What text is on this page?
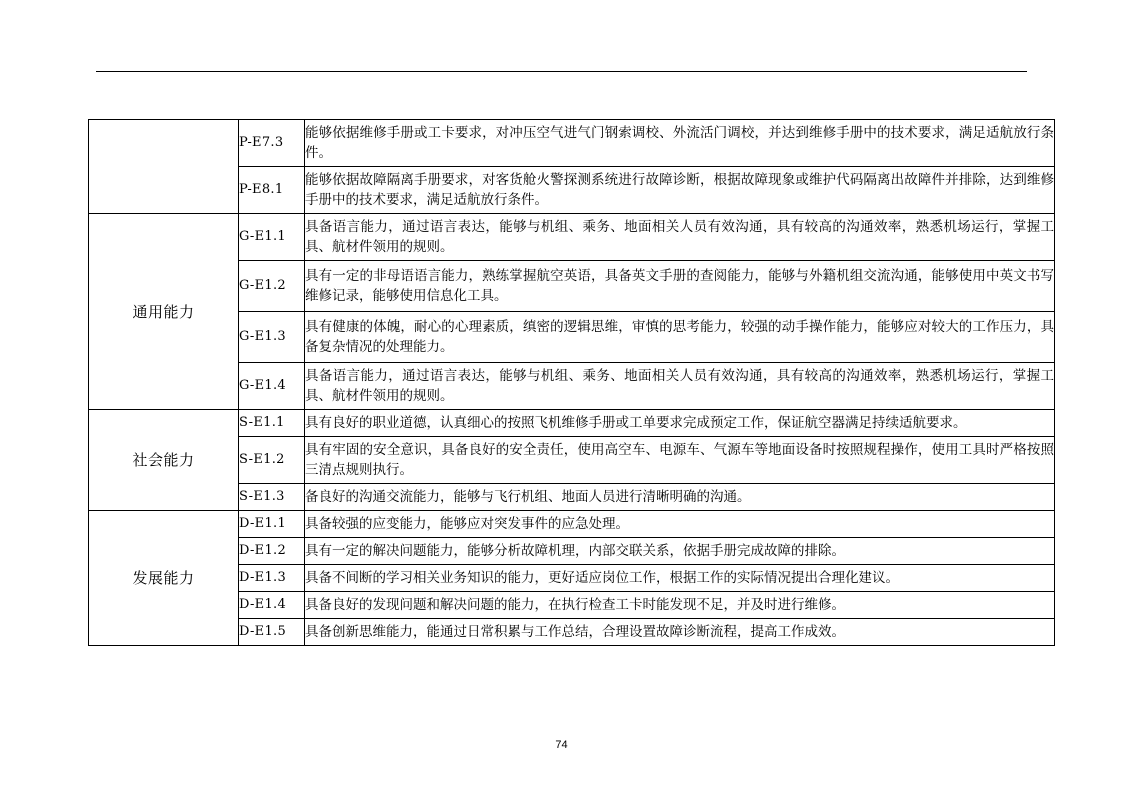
	P-E7.3	能够依据维修手册或工卡要求，对冲压空气进气门钢索调校、外流活门调校，并达到维修手册中的技术要求，满足适航放行条件。
	P-E8.1	能够依据故障隔离手册要求，对客货舱火警探测系统进行故障诊断，根据故障现象或维护代码隔离出故障件并排除，达到维修手册中的技术要求，满足适航放行条件。
通用能力	G-E1.1	具备语言能力，通过语言表达，能够与机组、乘务、地面相关人员有效沟通，具有较高的沟通效率，熟悉机场运行，掌握工具、航材件领用的规则。
	G-E1.2	具有一定的非母语语言能力，熟练掌握航空英语，具备英文手册的查阅能力，能够与外籍机组交流沟通，能够使用中英文书写维修记录，能够使用信息化工具。
	G-E1.3	具有健康的体魄，耐心的心理素质，缜密的逻辑思维，审慎的思考能力，较强的动手操作能力，能够应对较大的工作压力，具备复杂情况的处理能力。
	G-E1.4	具备语言能力，通过语言表达，能够与机组、乘务、地面相关人员有效沟通，具有较高的沟通效率，熟悉机场运行，掌握工具、航材件领用的规则。
社会能力	S-E1.1	具有良好的职业道德，认真细心的按照飞机维修手册或工单要求完成预定工作，保证航空器满足持续适航要求。
	S-E1.2	具有牢固的安全意识，具备良好的安全责任，使用高空车、电源车、气源车等地面设备时按照规程操作，使用工具时严格按照三清点规则执行。
	S-E1.3	备良好的沟通交流能力，能够与飞行机组、地面人员进行清晰明确的沟通。
发展能力	D-E1.1	具备较强的应变能力，能够应对突发事件的应急处理。
	D-E1.2	具有一定的解决问题能力，能够分析故障机理，内部交联关系，依据手册完成故障的排除。
	D-E1.3	具备不间断的学习相关业务知识的能力，更好适应岗位工作，根据工作的实际情况提出合理化建议。
	D-E1.4	具备良好的发现问题和解决问题的能力，在执行检查工卡时能发现不足，并及时进行维修。
	D-E1.5	具备创新思维能力，能通过日常积累与工作总结，合理设置故障诊断流程，提高工作成效。
74
